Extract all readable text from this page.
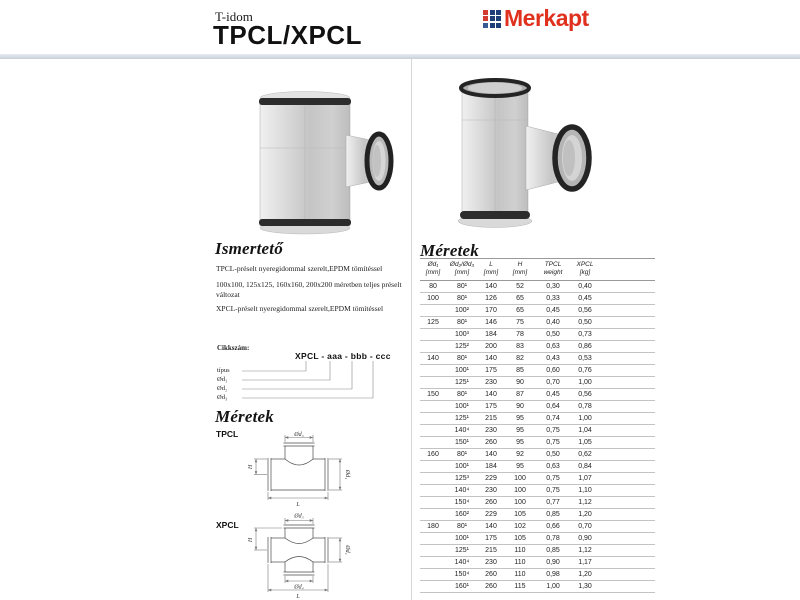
T-idom
TPCL/XPCL
Merkapt
Ismertető
TPCL-préselt nyeregidommal szerelt,EPDM tömítéssel
100x100, 125x125, 160x160, 200x200 méretben teljes préselt változat
XPCL-préselt nyeregidommal szerelt,EPDM tömítéssel
Cikkszám:
XPCL - aaa - bbb - ccc
típus
Ød₁
Ød₂
Ød₃
Méretek
TPCL	Ød₃
H
Ød₁
L
XPCL
Ød₃
H
Ød₁
Ød₄
L
Méretek
Ød₁
[mm]

Ød₂/Ød₃
[mm]

L
[mm]

H
[mm]

TPCL
weight

XPCL
[kg]

80	80¹	140	52	0,30	0,40	
100	80¹	126	65	0,33	0,45	
	100²	170	65	0,45	0,56	
125	80¹	146	75	0,40	0,50	
	100³	184	78	0,50	0,73	
	125²	200	83	0,63	0,86	
140	80¹	140	82	0,43	0,53	
	100¹	175	85	0,60	0,76	
	125¹	230	90	0,70	1,00	
150	80¹	140	87	0,45	0,56	
	100¹	175	90	0,64	0,78	
	125¹	215	95	0,74	1,00	
	140⁴	230	95	0,75	1,04	
	150¹	260	95	0,75	1,05	
160	80¹	140	92	0,50	0,62	
	100¹	184	95	0,63	0,84	
	125³	229	100	0,75	1,07	
	140⁴	230	100	0,75	1,10	
	150⁴	260	100	0,77	1,12	
	160²	229	105	0,85	1,20	
180	80¹	140	102	0,66	0,70	
	100¹	175	105	0,78	0,90	
	125¹	215	110	0,85	1,12	
	140⁴	230	110	0,90	1,17	
	150⁴	260	110	0,98	1,20	
	160¹	260	115	1,00	1,30	
